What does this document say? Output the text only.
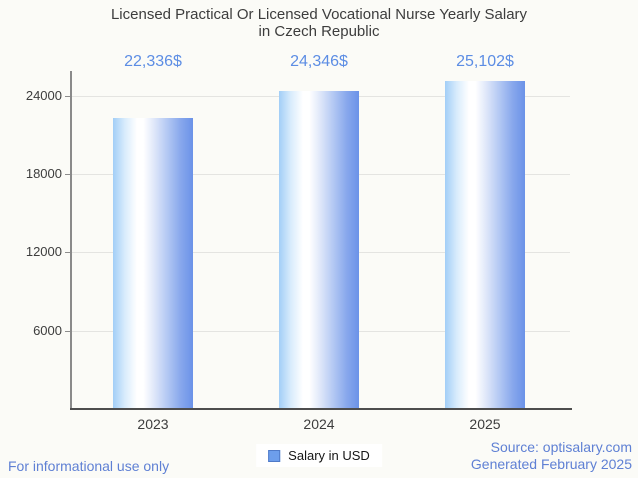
Licensed Practical Or Licensed Vocational Nurse Yearly Salary
in Czech Republic
6000
12000
18000
24000
22,336$
2023
24,346$
2024
25,102$
2025
Salary in USD
For informational use only
Source: optisalary.com
Generated February 2025
